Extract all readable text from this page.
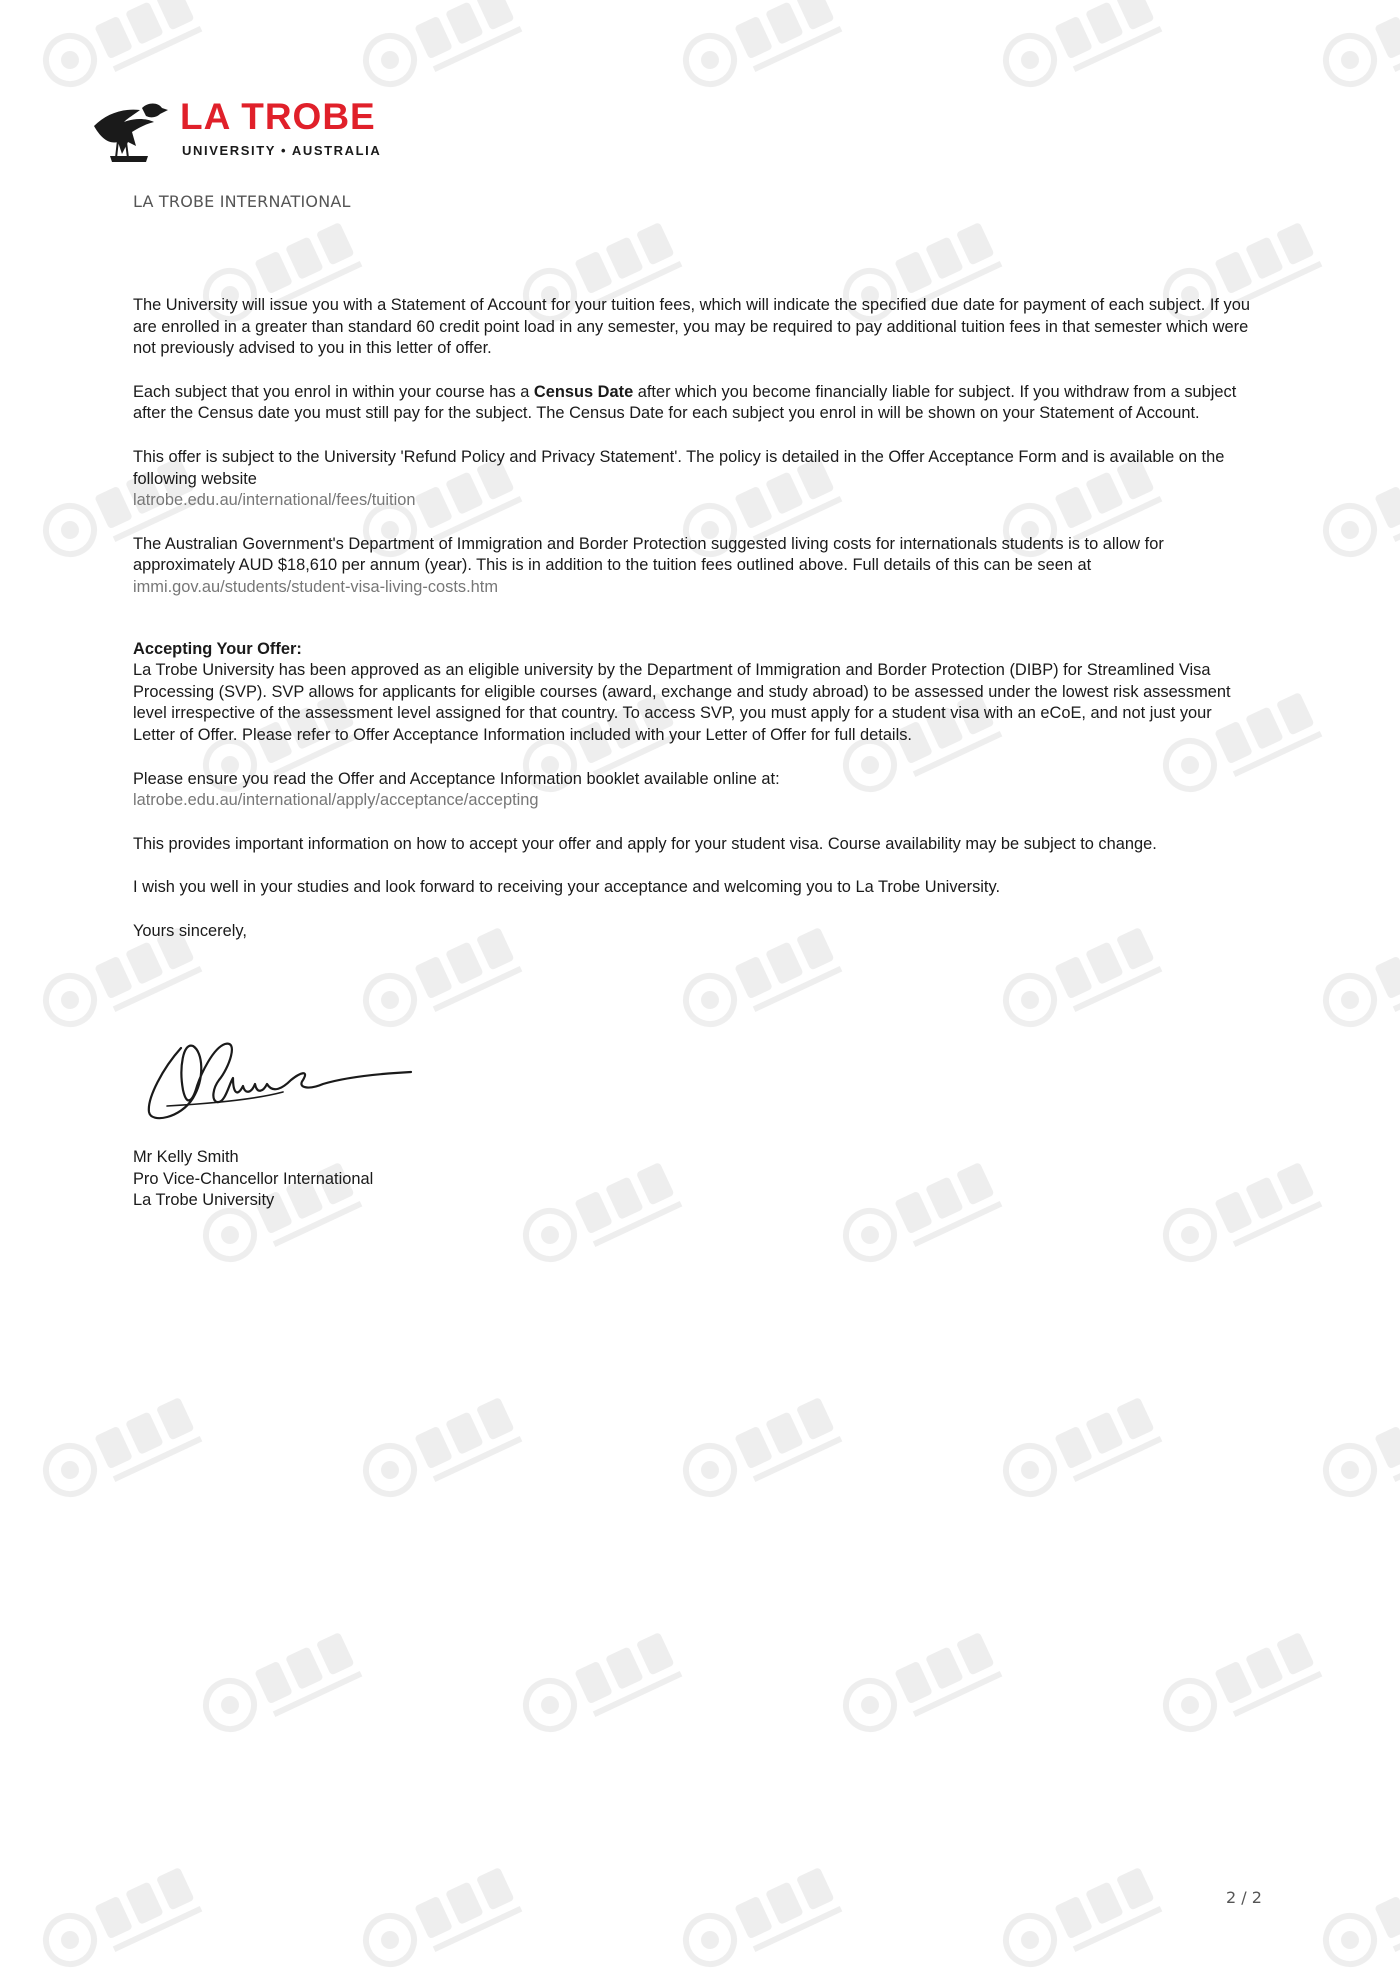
LA TROBE
UNIVERSITY • AUSTRALIA
LA TROBE INTERNATIONAL

The University will issue you with a Statement of Account for your tuition fees, which will indicate the specified due date for payment of each subject. If you are enrolled in a greater than standard 60 credit point load in any semester, you may be required to pay additional tuition fees in that semester which were not previously advised to you in this letter of offer.

Each subject that you enrol in within your course has a Census Date after which you become financially liable for subject. If you withdraw from a subject after the Census date you must still pay for the subject. The Census Date for each subject you enrol in will be shown on your Statement of Account.

This offer is subject to the University 'Refund Policy and Privacy Statement'. The policy is detailed in the Offer Acceptance Form and is available on the following website

latrobe.edu.au/international/fees/tuition

The Australian Government's Department of Immigration and Border Protection suggested living costs for internationals students is to allow for approximately AUD $18,610 per annum (year). This is in addition to the tuition fees outlined above. Full details of this can be seen at immi.gov.au/students/student-visa-living-costs.htm

Accepting Your Offer:

La Trobe University has been approved as an eligible university by the Department of Immigration and Border Protection (DIBP) for Streamlined Visa Processing (SVP). SVP allows for applicants for eligible courses (award, exchange and study abroad) to be assessed under the lowest risk assessment level irrespective of the assessment level assigned for that country. To access SVP, you must apply for a student visa with an eCoE, and not just your Letter of Offer. Please refer to Offer Acceptance Information included with your Letter of Offer for full details.

Please ensure you read the Offer and Acceptance Information booklet available online at:

latrobe.edu.au/international/apply/acceptance/accepting

This provides important information on how to accept your offer and apply for your student visa. Course availability may be subject to change.

I wish you well in your studies and look forward to receiving your acceptance and welcoming you to La Trobe University.

Yours sincerely,

Mr Kelly Smith
Pro Vice-Chancellor International
La Trobe University
2 / 2
